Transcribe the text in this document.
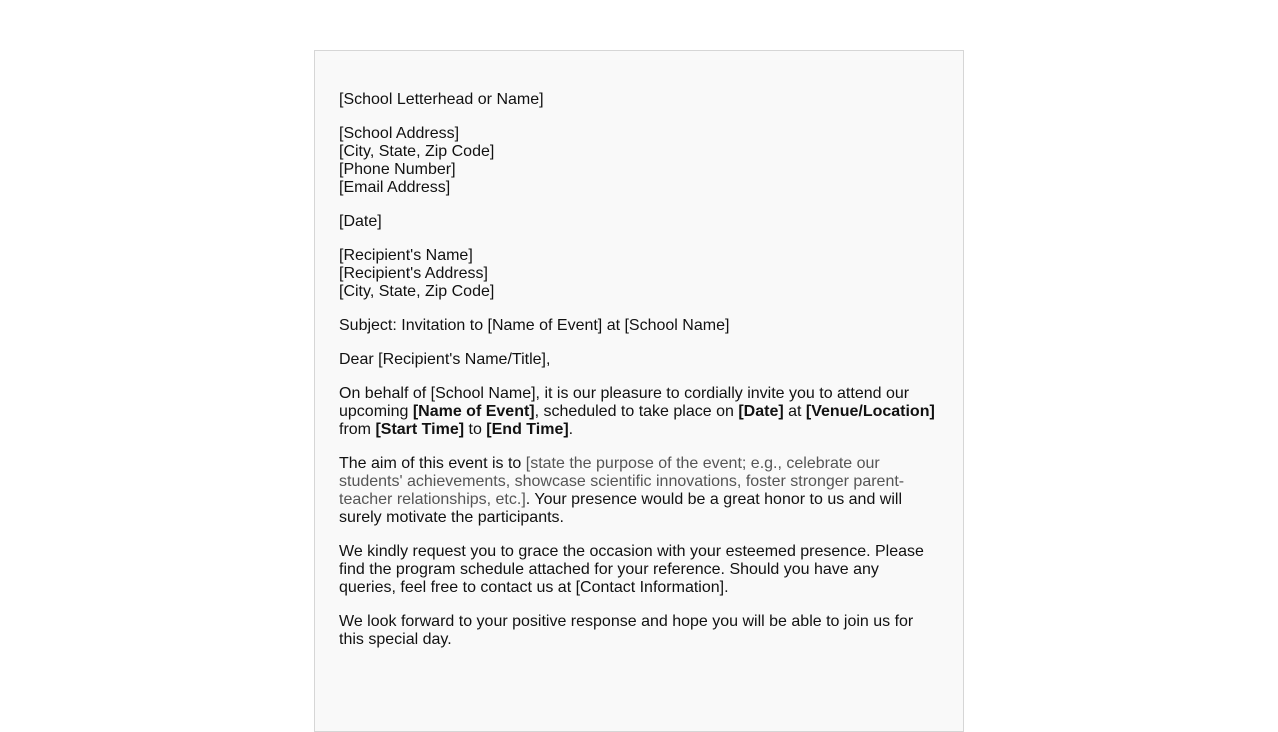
[School Letterhead or Name]
[School Address]
[City, State, Zip Code]
[Phone Number]
[Email Address]
[Date]
[Recipient's Name]
[Recipient's Address]
[City, State, Zip Code]
Subject: Invitation to [Name of Event] at [School Name]
Dear [Recipient's Name/Title],
On behalf of [School Name], it is our pleasure to cordially invite you to attend our upcoming [Name of Event], scheduled to take place on [Date] at [Venue/Location] from [Start Time] to [End Time].
The aim of this event is to [state the purpose of the event; e.g., celebrate our students' achievements, showcase scientific innovations, foster stronger parent-teacher relationships, etc.]. Your presence would be a great honor to us and will surely motivate the participants.
We kindly request you to grace the occasion with your esteemed presence. Please find the program schedule attached for your reference. Should you have any queries, feel free to contact us at [Contact Information].
We look forward to your positive response and hope you will be able to join us for this special day.
